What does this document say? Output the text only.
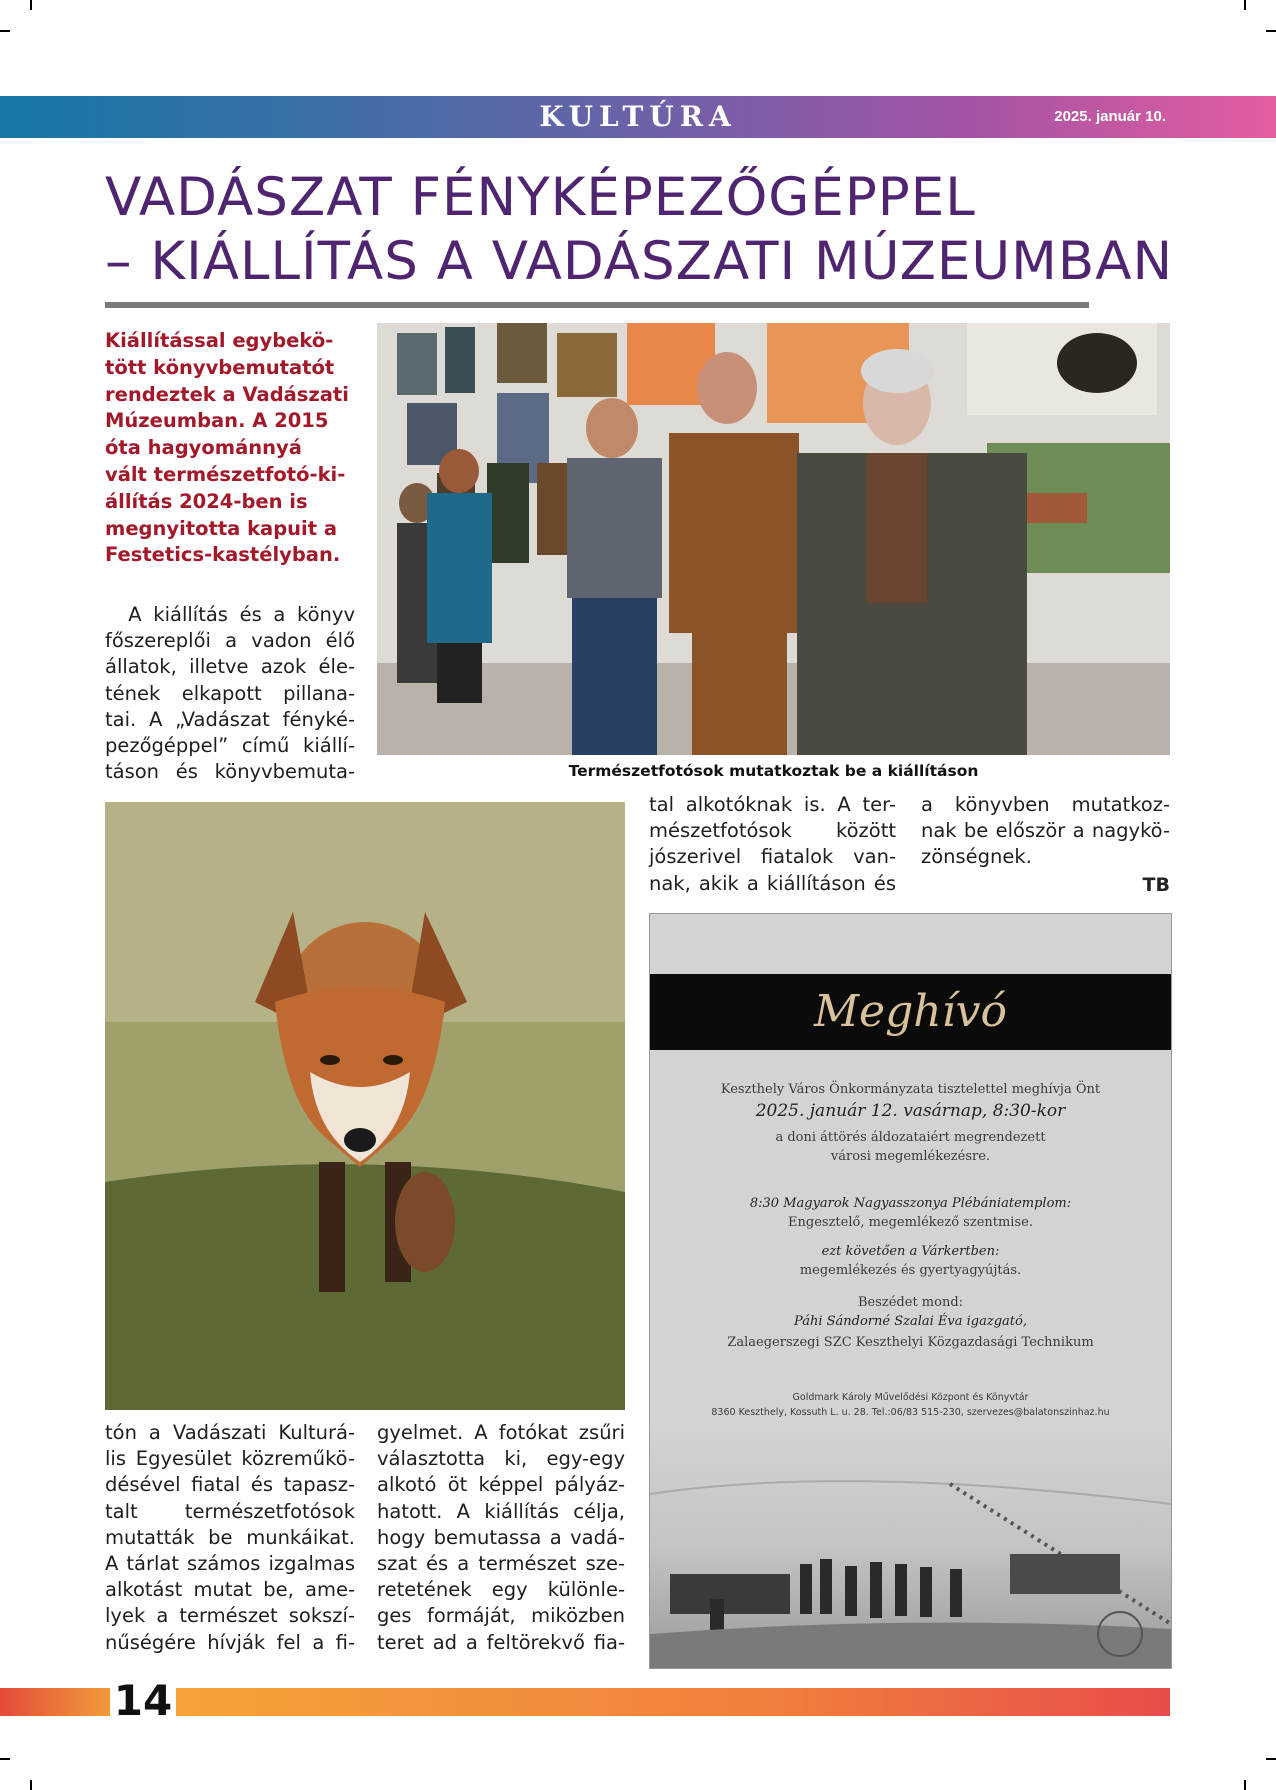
KULTÚRA	2025. január 10.
VADÁSZAT FÉNYKÉPEZŐGÉPPEL
– KIÁLLÍTÁS A VADÁSZATI MÚZEUMBAN

Kiállítással egybekö-

tött könyvbemutatót

rendeztek a Vadászati

Múzeumban. A 2015

óta hagyománnyá

vált természetfotó-ki-

állítás 2024-ben is

megnyitotta kapuit a

Festetics-kastélyban.

A kiállítás és a könyv

főszereplői a vadon élő

állatok, illetve azok éle-

tének elkapott pillana-

tai. A „Vadászat fényké-

pezőgéppel” című kiállí-

táson és könyvbemuta-	Természetfotósok mutatkoztak be a kiállításon

tal alkotóknak is. A ter-

mészetfotósok között

jószerivel fiatalok van-

nak, akik a kiállításon és

a könyvben mutatkoz-

nak be először a nagykö-

zönségnek.

TB
Meghívó
Keszthely Város Önkormányzata tisztelettel meghívja Önt
2025. január 12. vasárnap, 8:30-kor
a doni áttörés áldozataiért megrendezett
városi megemlékezésre.
8:30 Magyarok Nagyasszonya Plébániatemplom:
Engesztelő, megemlékező szentmise.
ezt követően a Várkertben:
megemlékezés és gyertyagyújtás.
Beszédet mond:
Páhi Sándorné Szalai Éva igazgató,
Zalaegerszegi SZC Keszthelyi Közgazdasági Technikum
Goldmark Károly Művelődési Központ és Könyvtár
8360 Keszthely, Kossuth L. u. 28. Tel.:06/83 515-230, szervezes@balatonszinhaz.hu

tón a Vadászati Kulturá-

lis Egyesület közreműkö-

désével fiatal és tapasz-

talt természetfotósok

mutatták be munkáikat.

A tárlat számos izgalmas

alkotást mutat be, ame-

lyek a természet sokszí-

nűségére hívják fel a fi-

gyelmet. A fotókat zsűri

választotta ki, egy-egy

alkotó öt képpel pályáz-

hatott. A kiállítás célja,

hogy bemutassa a vadá-

szat és a természet sze-

retetének egy különle-

ges formáját, miközben

teret ad a feltörekvő fia-

14
